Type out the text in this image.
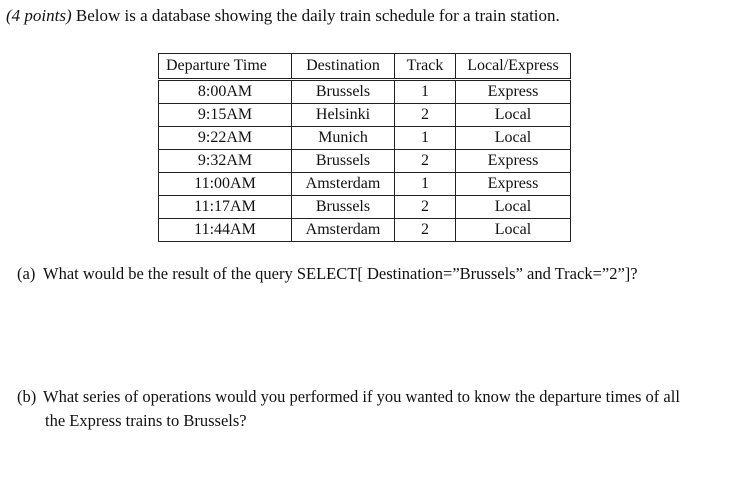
(4 points) Below is a database showing the daily train schedule for a train station.
Departure Time	Destination	Track	Local/Express
8:00AM	Brussels	1	Express
9:15AM	Helsinki	2	Local
9:22AM	Munich	1	Local
9:32AM	Brussels	2	Express
11:00AM	Amsterdam	1	Express
11:17AM	Brussels	2	Local
11:44AM	Amsterdam	2	Local
(a) What would be the result of the query SELECT[ Destination=”Brussels” and Track=”2”]?
(b) What series of operations would you performed if you wanted to know the departure times of all
the Express trains to Brussels?
